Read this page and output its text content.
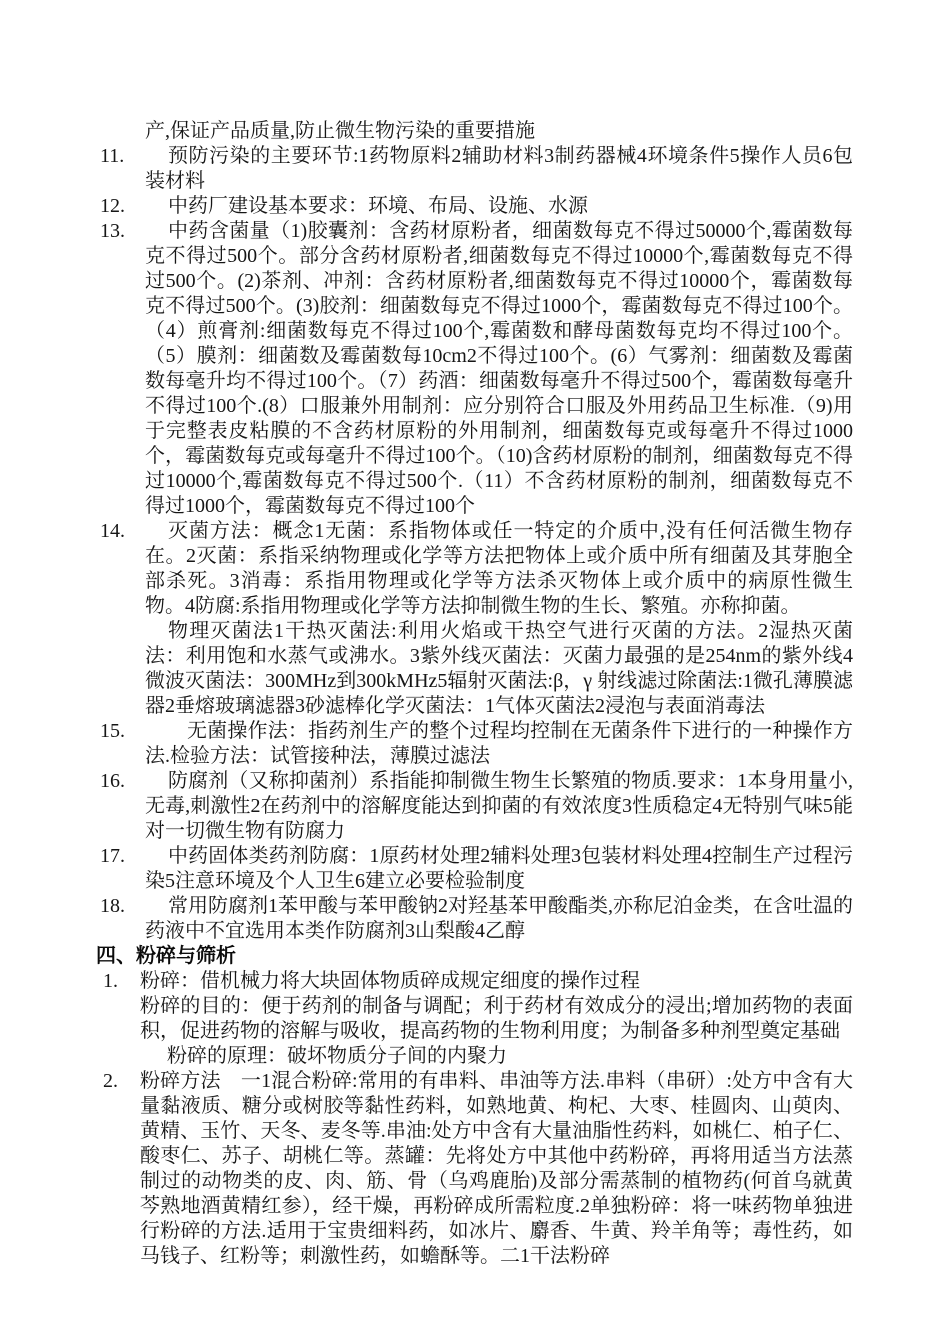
产,保证产品质量,防止微生物污染的重要措施

11.	预防污染的主要环节:1药物原料2辅助材料3制药器械4环境条件5操作人员6包装材料

12.	中药厂建设基本要求：环境、布局、设施、水源

13.	中药含菌量（1)胶囊剂：含药材原粉者，细菌数每克不得过50000个,霉菌数每克不得过500个。部分含药材原粉者,细菌数每克不得过10000个,霉菌数每克不得过500个。(2)茶剂、冲剂：含药材原粉者,细菌数每克不得过10000个，霉菌数每克不得过500个。(3)胶剂：细菌数每克不得过1000个，霉菌数每克不得过100个。（4）煎膏剂:细菌数每克不得过100个,霉菌数和酵母菌数每克均不得过100个。（5）膜剂：细菌数及霉菌数每10cm2不得过100个。(6）气雾剂：细菌数及霉菌数每毫升均不得过100个。（7）药酒：细菌数每毫升不得过500个，霉菌数每毫升不得过100个.(8）口服兼外用制剂：应分别符合口服及外用药品卫生标准.（9)用于完整表皮粘膜的不含药材原粉的外用制剂，细菌数每克或每毫升不得过1000个，霉菌数每克或每毫升不得过100个。（10)含药材原粉的制剂，细菌数每克不得过10000个,霉菌数每克不得过500个.（11）不含药材原粉的制剂，细菌数每克不得过1000个，霉菌数每克不得过100个

14.	灭菌方法：概念1无菌：系指物体或任一特定的介质中,没有任何活微生物存在。2灭菌：系指采纳物理或化学等方法把物体上或介质中所有细菌及其芽胞全部杀死。3消毒：系指用物理或化学等方法杀灭物体上或介质中的病原性微生物。4防腐:系指用物理或化学等方法抑制微生物的生长、繁殖。亦称抑菌。

物理灭菌法1干热灭菌法:利用火焰或干热空气进行灭菌的方法。2湿热灭菌法：利用饱和水蒸气或沸水。3紫外线灭菌法：灭菌力最强的是254nm的紫外线4微波灭菌法：300MHz到300kMHz5辐射灭菌法:β，γ 射线滤过除菌法:1微孔薄膜滤器2垂熔玻璃滤器3砂滤棒化学灭菌法：1气体灭菌法2浸泡与表面消毒法

15.	无菌操作法：指药剂生产的整个过程均控制在无菌条件下进行的一种操作方法.检验方法：试管接种法，薄膜过滤法

16.	防腐剂（又称抑菌剂）系指能抑制微生物生长繁殖的物质.要求：1本身用量小,无毒,刺激性2在药剂中的溶解度能达到抑菌的有效浓度3性质稳定4无特别气味5能对一切微生物有防腐力

17.	中药固体类药剂防腐：1原药材处理2辅料处理3包装材料处理4控制生产过程污染5注意环境及个人卫生6建立必要检验制度

18.	常用防腐剂1苯甲酸与苯甲酸钠2对羟基苯甲酸酯类,亦称尼泊金类，在含吐温的药液中不宜选用本类作防腐剂3山梨酸4乙醇

四、粉碎与筛析

1. 粉碎：借机械力将大块固体物质碎成规定细度的操作过程

粉碎的目的：便于药剂的制备与调配；利于药材有效成分的浸出;增加药物的表面积，促进药物的溶解与吸收，提高药物的生物利用度；为制备多种剂型奠定基础

粉碎的原理：破坏物质分子间的内聚力

2. 粉碎方法　一1混合粉碎:常用的有串料、串油等方法.串料（串研）:处方中含有大量黏液质、糖分或树胶等黏性药料，如熟地黄、枸杞、大枣、桂圆肉、山萸肉、黄精、玉竹、天冬、麦冬等.串油:处方中含有大量油脂性药料，如桃仁、柏子仁、酸枣仁、苏子、胡桃仁等。蒸罐：先将处方中其他中药粉碎，再将用适当方法蒸制过的动物类的皮、肉、筋、骨（乌鸡鹿胎)及部分需蒸制的植物药(何首乌就黄芩熟地酒黄精红参），经干燥，再粉碎成所需粒度.2单独粉碎：将一味药物单独进行粉碎的方法.适用于宝贵细料药，如冰片、麝香、牛黄、羚羊角等；毒性药，如马钱子、红粉等；刺激性药，如蟾酥等。二1干法粉碎
